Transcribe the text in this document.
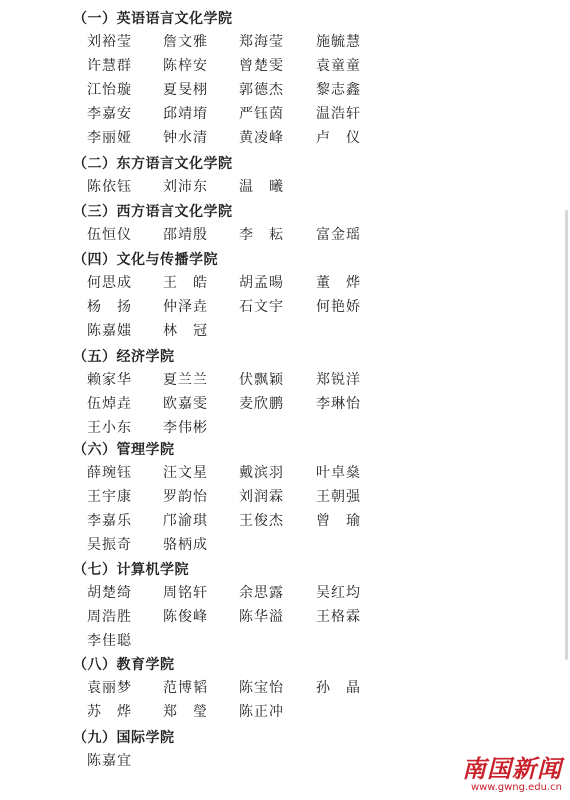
（一）英语语言文化学院
刘裕莹 詹文雅 郑海莹 施毓慧
许慧群 陈梓安 曾楚雯 袁童童
江怡璇 夏旻栩 郭德杰 黎志鑫
李嘉安 邱靖堉 严钰茵 温浩轩
李丽娅 钟水清 黄凌峰 卢　仪
（二）东方语言文化学院
陈依钰 刘沛东 温　曦
（三）西方语言文化学院
伍恒仪 邵靖殷 李　耘 富金瑶
（四）文化与传播学院
何思成 王　皓 胡孟暘 董　烨
杨　扬 仲泽垚 石文宇 何艳娇
陈嘉媸 林　冠
（五）经济学院
赖家华 夏兰兰 伏飘颖 郑锐洋
伍焯垚 欧嘉雯 麦欣鹏 李琳怡
王小东 李伟彬
（六）管理学院
薛琬钰 汪文星 戴滨羽 叶卓燊
王宇康 罗韵怡 刘润霖 王朝强
李嘉乐 邝渝琪 王俊杰 曾　瑜
吴振奇 骆柄成
（七）计算机学院
胡楚绮 周铭轩 余思露 吴红均
周浩胜 陈俊峰 陈华溢 王格霖
李佳聪
（八）教育学院
袁丽梦 范博韬 陈宝怡 孙　晶
苏　烨 郑　瑩 陈正冲
（九）国际学院
陈嘉宜	南国新闻
www.gwng.edu.cn
